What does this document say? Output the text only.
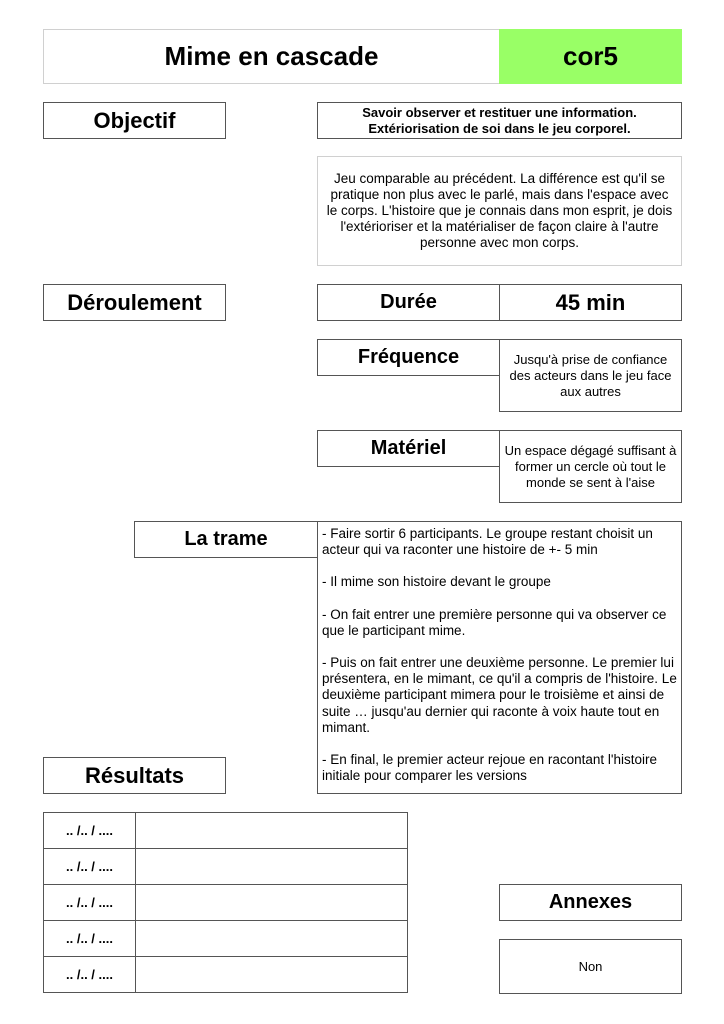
Mime en cascade	cor5
Objectif	Savoir observer et restituer une information.
Extériorisation de soi dans le jeu corporel.
Jeu comparable au précédent. La différence est qu'il se pratique non plus avec le parlé, mais dans l'espace avec le corps. L'histoire que je connais dans mon esprit, je dois l'extérioriser et la matérialiser de façon claire à l'autre personne avec mon corps.
Déroulement	Durée	45 min
Fréquence	Jusqu'à prise de confiance des acteurs dans le jeu face aux autres
Matériel	Un espace dégagé suffisant à former un cercle où tout le monde se sent à l'aise
La trame	- Faire sortir 6 participants. Le groupe restant choisit un acteur qui va raconter une histoire de +- 5 min

- Il mime son histoire devant le groupe

- On fait entrer une première personne qui va observer ce que le participant mime.

- Puis on fait entrer une deuxième personne. Le premier lui présentera, en le mimant, ce qu'il a compris de l'histoire. Le deuxième participant mimera pour le troisième et ainsi de suite … jusqu'au dernier qui raconte à voix haute tout en mimant.

- En final, le premier acteur rejoue en racontant l'histoire initiale pour comparer les versions

Résultats
.. /.. / ....
.. /.. / ....
.. /.. / ....
.. /.. / ....
.. /.. / ....
Annexes
Non
